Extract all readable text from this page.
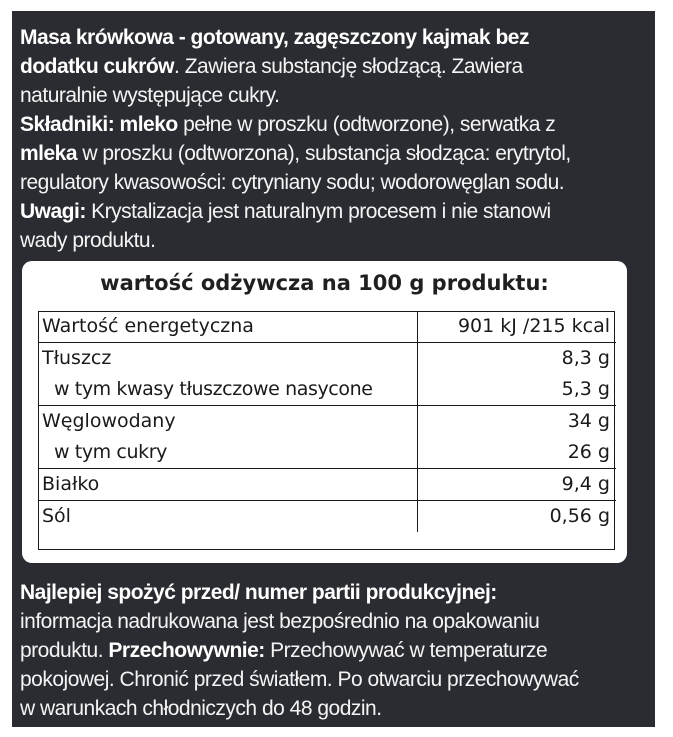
Masa krówkowa - gotowany, zagęszczony kajmak bez
dodatku cukrów. Zawiera substancję słodzącą. Zawiera
naturalnie występujące cukry.
Składniki: mleko pełne w proszku (odtworzone), serwatka z
mleka w proszku (odtworzona), substancja słodząca: erytrytol,
regulatory kwasowości: cytryniany sodu; wodorowęglan sodu.
Uwagi: Krystalizacja jest naturalnym procesem i nie stanowi
wady produktu.
wartość odżywcza na 100 g produktu:
Wartość energetyczna	901 kJ /215 kcal
Tłuszcz	8,3 g
w tym kwasy tłuszczowe nasycone	5,3 g
Węglowodany	34 g
w tym cukry	26 g
Białko	9,4 g
Sól	0,56 g
Najlepiej spożyć przed/ numer partii produkcyjnej:
informacja nadrukowana jest bezpośrednio na opakowaniu
produktu. Przechowywnie: Przechowywać w temperaturze
pokojowej. Chronić przed światłem. Po otwarciu przechowywać
w warunkach chłodniczych do 48 godzin.
